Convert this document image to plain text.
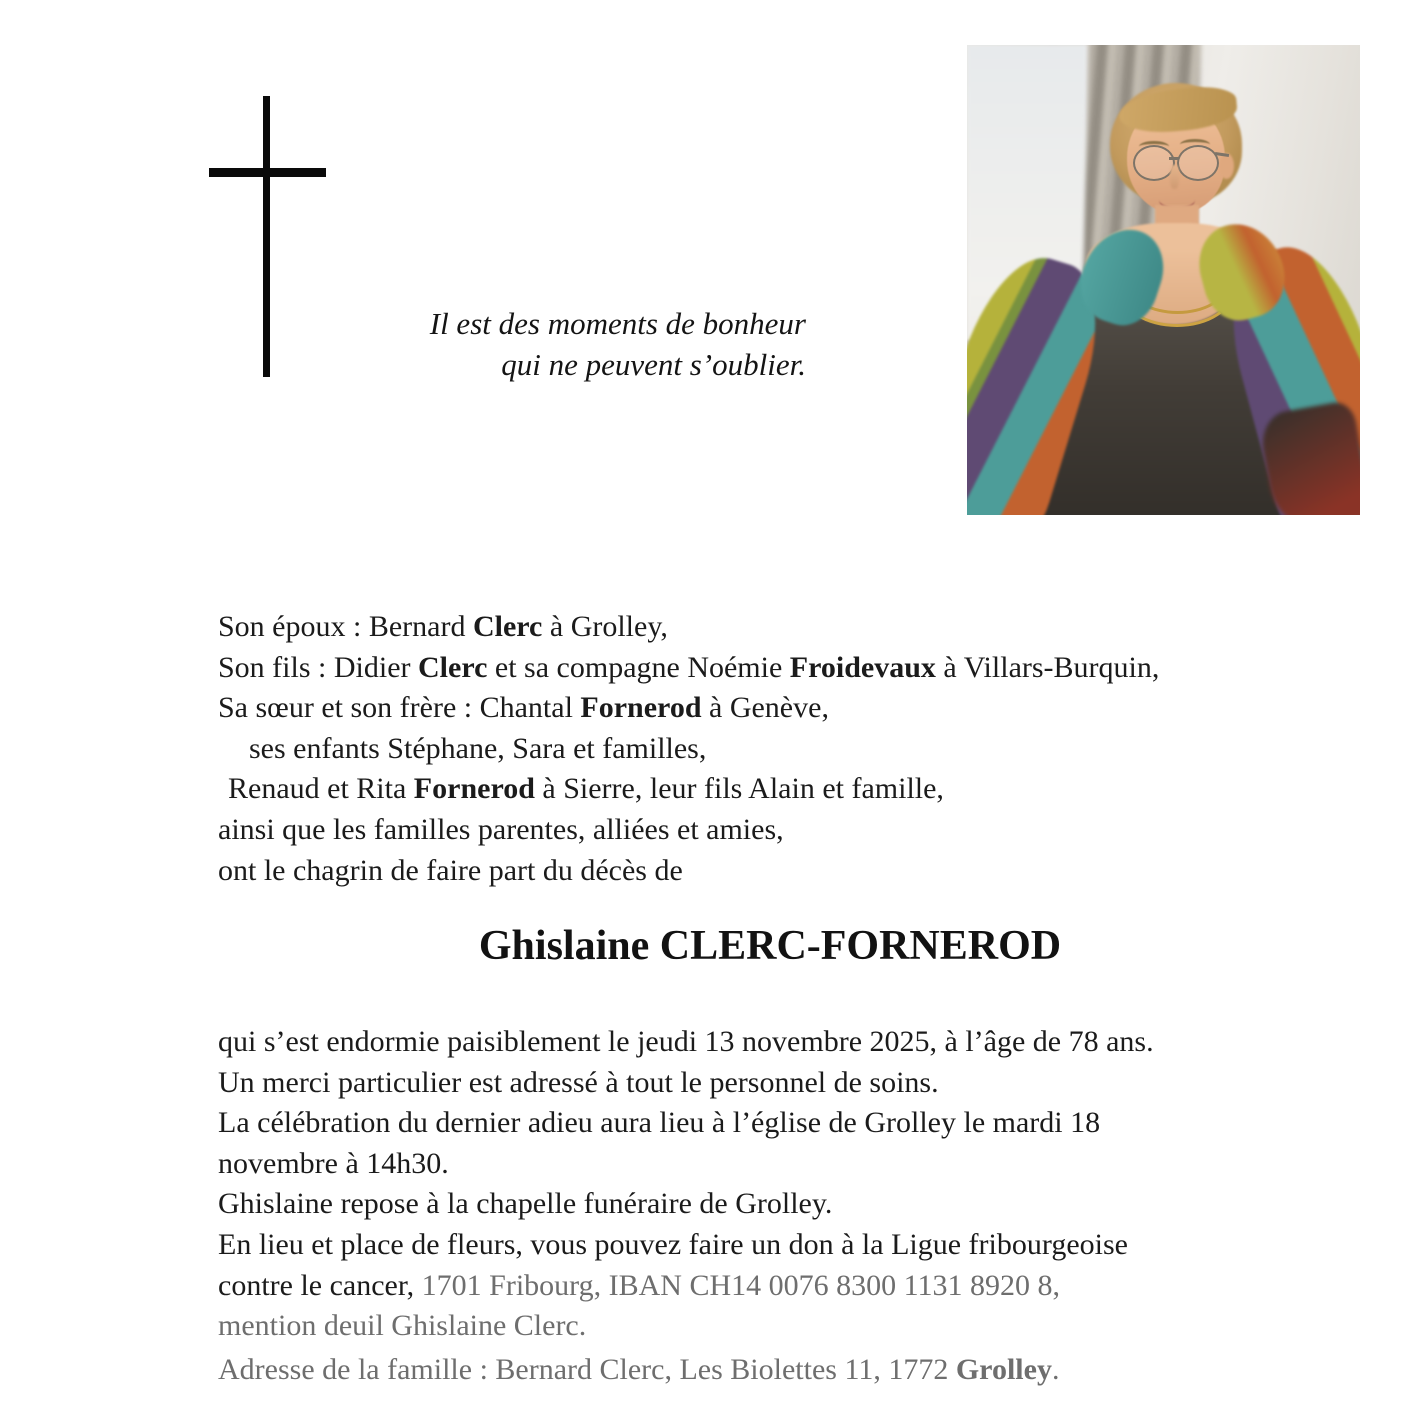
Il est des moments de bonheur

qui ne peuvent s’oublier.

Son époux : Bernard Clerc à Grolley,

Son fils : Didier Clerc et sa compagne Noémie Froidevaux à Villars-Burquin,

Sa sœur et son frère : Chantal Fornerod à Genève,

ses enfants Stéphane, Sara et familles,

Renaud et Rita Fornerod à Sierre, leur fils Alain et famille,

ainsi que les familles parentes, alliées et amies,

ont le chagrin de faire part du décès de

Ghislaine CLERC-FORNEROD

qui s’est endormie paisiblement le jeudi 13 novembre 2025, à l’âge de 78 ans.

Un merci particulier est adressé à tout le personnel de soins.

La célébration du dernier adieu aura lieu à l’église de Grolley le mardi 18

novembre à 14h30.

Ghislaine repose à la chapelle funéraire de Grolley.

En lieu et place de fleurs, vous pouvez faire un don à la Ligue fribourgeoise

contre le cancer, 1701 Fribourg, IBAN CH14 0076 8300 1131 8920 8,

mention deuil Ghislaine Clerc.

Adresse de la famille : Bernard Clerc, Les Biolettes 11, 1772 Grolley.
